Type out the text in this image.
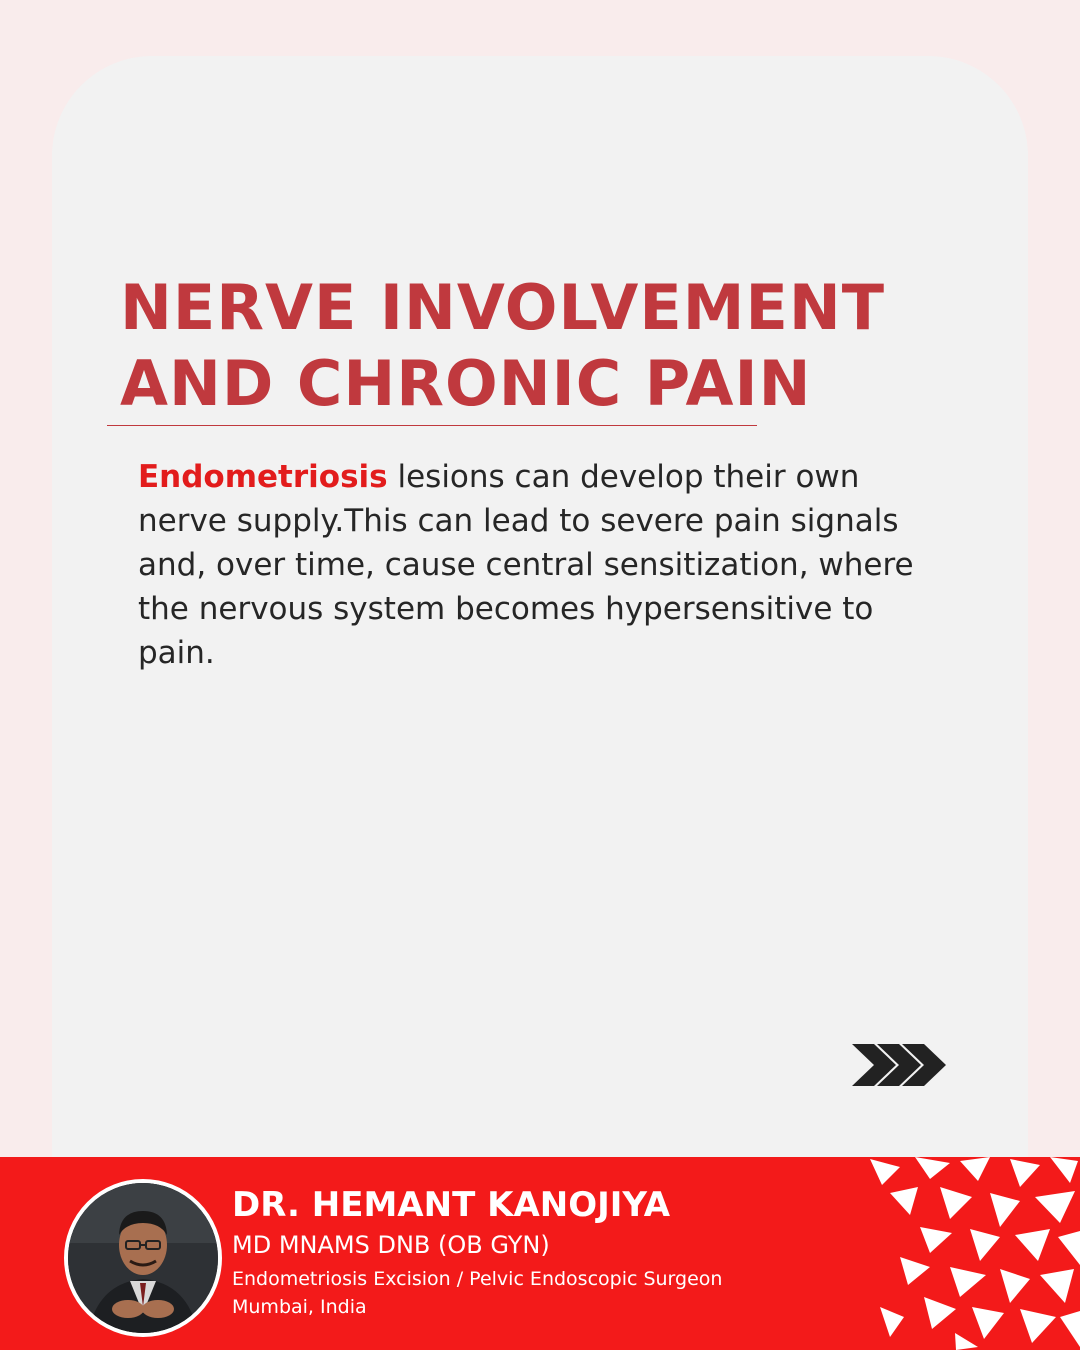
NERVE INVOLVEMENT
AND CHRONIC PAIN

Endometriosis lesions can develop their own nerve supply.This can lead to severe pain signals and, over time, cause central sensitization, where the nervous system becomes hypersensitive to pain.

DR. HEMANT KANOJIYA
MD MNAMS DNB (OB GYN)
Endometriosis Excision / Pelvic Endoscopic Surgeon
Mumbai, India
